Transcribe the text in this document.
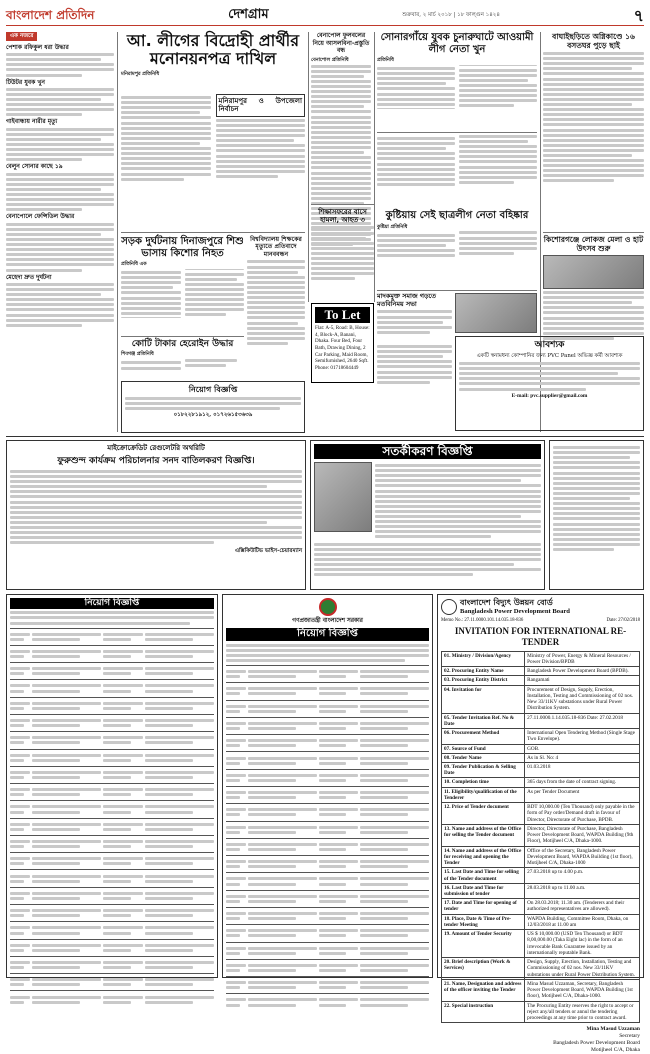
বাংলাদেশ প্রতিদিন	দেশগ্রাম	শুক্রবার, ২ মার্চ ২০১৮ | ১৮ ফাল্গুন ১৪২৪	৭
এক নজরে
পেশাক রফিকুল ধরা উদ্ধার
টিউটর যুবক খুন
গাইবান্ধায় নারীর মৃত্যু
বেলুন সোনার কাছে ১৯
বেনাপোলে ফেন্সিডিল উদ্ধার
মেহেদা দ্রুত দুর্ঘটনা
আ. লীগের বিদ্রোহী প্রার্থীর মনোনয়নপত্র দাখিল
মনিরামপুর প্রতিনিধি
মনিরামপুর ও উপজেলা নির্বাচন
বেনাপোল ফুলবলের নিয়ে আসলবিনা-প্রস্তুতি বন্ধ
বেনাপোল প্রতিনিধি
সোনারগাঁয়ে যুবক চুনারুঘাটে আওয়ামী লীগ নেতা খুন
প্রতিনিধি
বাঘাইছড়িতে অগ্নিকাণ্ডে ১৬ বসতঘর পুড়ে ছাই
কিশোরগঞ্জে লোকজ মেলা ও হাট উৎসব শুরু
কুষ্টিয়ায় সেই ছাত্রলীগ নেতা বহিষ্কার
কুষ্টিয়া প্রতিনিধি
শিক্ষাসফরের বাসে হামলা, আহত ৩
সড়ক দুর্ঘটনায় দিনাজপুরে শিশু ভাসায় কিশোর নিহত
প্রতিনিধি এক
বিশ্ববিদ্যালয় শিক্ষকের মৃত্যুতে প্রতিবাদে মানববন্ধন
কোটি টাকার হেরোইন উদ্ধার
শিবগঞ্জ প্রতিনিধি
নিয়োগ বিজ্ঞপ্তি
০১৮২২৮১৯১২, ০১৭২৬১৫৩৬৩৯
মাদকমুক্ত সমাজ গড়তে মতবিনিময় সভা
To Let
Flat: A-5, Road: B, House: 4, Block-A, Banani, Dhaka. Four Bed, Four Bath, Drawing Dining, 2 Car Parking, Maid Room, Semifurnished, 2640 Sqft. Phone: 01718604449
আবশ্যক
একটি স্বনামধন্য কোম্পানির জন্য PVC Panel অভিজ্ঞ কর্মী আবশ্যক
E-mail: pvc.supplier@gmail.com
মাইক্রোক্রেডিট রেগুলেটরি অথরিটি
ফুরুশুন্দ কার্যক্রম পরিচালনার সনদ বাতিলকরণ বিজ্ঞপ্তি।
এক্সিকিউটিভ ভাইস-চেয়ারম্যান
সতর্কীকরণ বিজ্ঞপ্তি
বাংলাদেশ বিদ্যুৎ উন্নয়ন বোর্ড
Bangladesh Power Development Board
Memo No.: 27.11.0000.101.14.035.18-836	Date: 27/02/2018
INVITATION FOR INTERNATIONAL RE-TENDER
01. Ministry / Division/Agency	Ministry of Power, Energy & Mineral Resources / Power Division/BPDB
02. Procuring Entity Name	Bangladesh Power Development Board (BPDB).
03. Procuring Entity District	Rangamati
04. Invitation for	Procurement of Design, Supply, Erection, Installation, Testing and Commissioning of 02 nos. New 33/11KV substations under Rural Power Distribution System.
05. Tender Invitation Ref. No & Date	27.11.0000.1.14.035.18-836 Date: 27.02.2018
06. Procurement Method	International Open Tendering Method (Single Stage Two Envelope).
07. Source of Fund	GOB.
08. Tender Name	As in Sl. No: 4
09. Tender Publication & Selling Date	01.03.2018
10. Completion time	365 days from the date of contract signing.
11. Eligibility/qualification of the Tenderer	As per Tender Document
12. Price of Tender document	BDT 10,000.00 (Ten Thousand) only payable in the form of Pay order/Demand draft in favour of Director, Directorate of Purchase, BPDB.
13. Name and address of the Office for selling the Tender document	Director, Directorate of Purchase, Bangladesh Power Development Board, WAPDA Building (9th Floor), Motijheel C/A, Dhaka-1000.
14. Name and address of the Office for receiving and opening the Tender	Office of the Secretary, Bangladesh Power Development Board, WAPDA Building (1st floor), Motijheel C/A, Dhaka-1000
15. Last Date and Time for selling of the Tender document	27.03.2018 up to 4.00 p.m.
16. Last Date and Time for submission of tender	28.03.2018 up to 11.00 a.m.
17. Date and Time for opening of tender	On 28.03.2018; 11.30 am. (Tenderers and their authorized representatives are allowed).
18. Place, Date & Time of Pre-tender Meeting	WAPDA Building, Committee Room, Dhaka, on 12/03/2018 at 11.00 am
19. Amount of Tender Security	US $ 10,000.00 (USD Ten Thousand) or BDT 8,00,000.00 (Taka Eight lac) in the form of an irrevocable Bank Guarantee issued by an internationally reputable Bank.
20. Brief description (Work & Services)	Design, Supply, Erection, Installation, Testing and Commissioning of 02 nos. New 33/11KV substations under Rural Power Distribution System.
21. Name, Designation and address of the officer inviting the Tender	Mina Masud Uzzaman, Secretary, Bangladesh Power Development Board, WAPDA Building (1st floor), Motijheel C/A, Dhaka-1000.
22. Special instruction	The Procuring Entity reserves the right to accept or reject any/all tenders or annul the tendering proceedings at any time prior to contract award.
Mina Masud Uzzaman
Secretary
Bangladesh Power Development Board
Motijheel C/A, Dhaka
নিয়োগ বিজ্ঞপ্তি
গণপ্রজাতন্ত্রী বাংলাদেশ সরকার
নিয়োগ বিজ্ঞপ্তি
